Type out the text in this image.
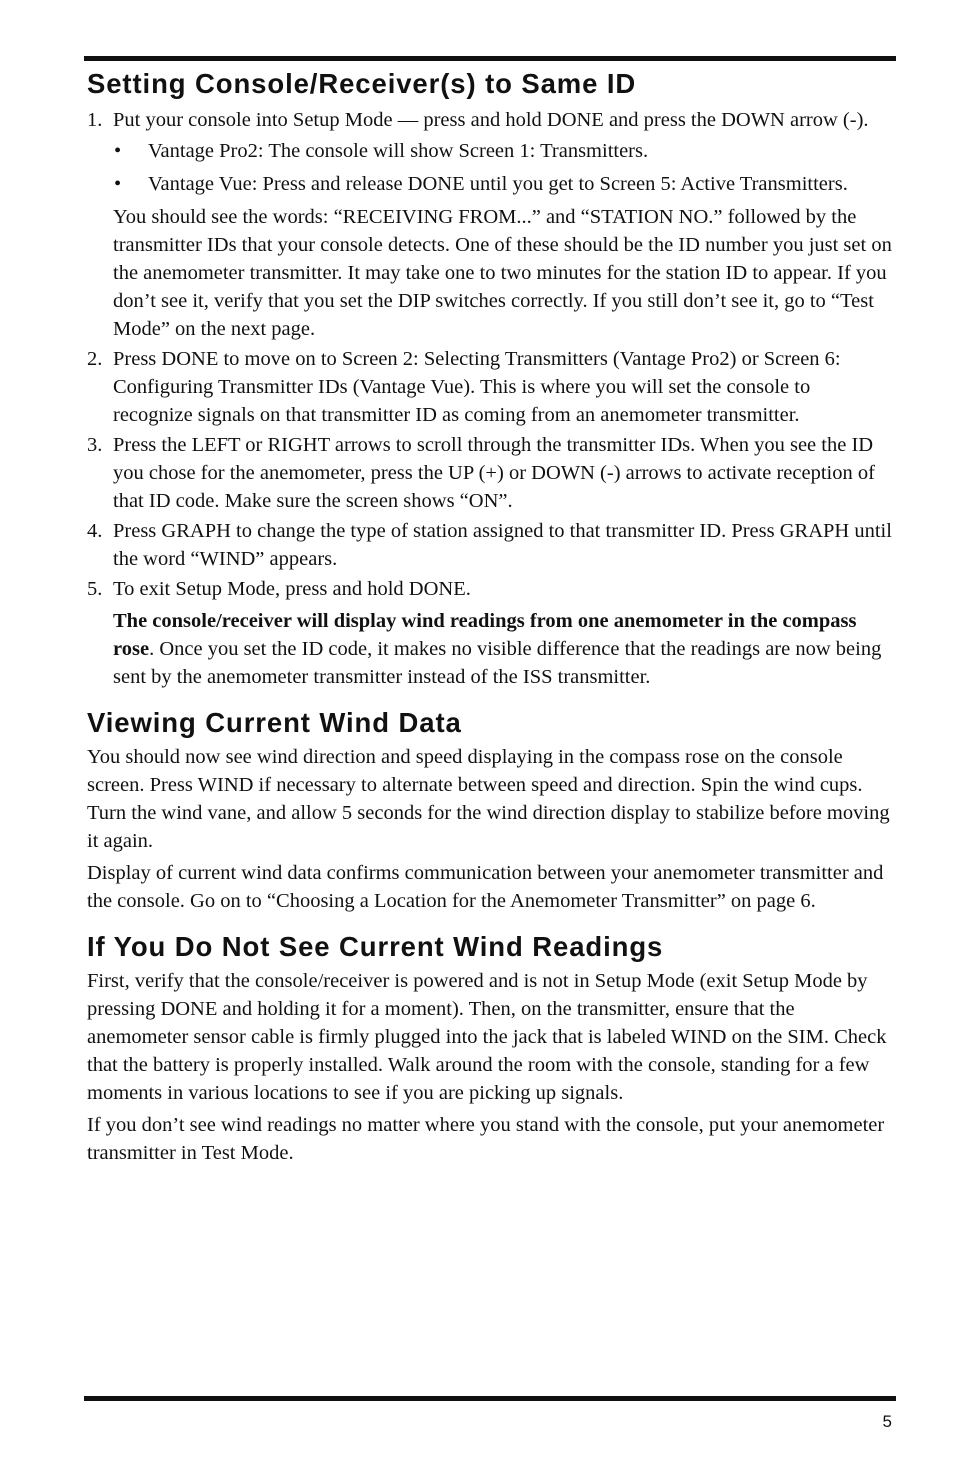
Setting Console/Receiver(s) to Same ID
1. Put your console into Setup Mode — press and hold DONE and press the DOWN arrow (-).
• Vantage Pro2: The console will show Screen 1: Transmitters.
• Vantage Vue: Press and release DONE until you get to Screen 5: Active Transmitters.

You should see the words: “RECEIVING FROM...” and “STATION NO.” followed by the transmitter IDs that your console detects. One of these should be the ID number you just set on the anemometer transmitter. It may take one to two minutes for the station ID to appear. If you don’t see it, verify that you set the DIP switches correctly. If you still don’t see it, go to “Test Mode” on the next page.

2. Press DONE to move on to Screen 2: Selecting Transmitters (Vantage Pro2) or Screen 6: Configuring Transmitter IDs (Vantage Vue). This is where you will set the console to recognize signals on that transmitter ID as coming from an anemometer transmitter.
3. Press the LEFT or RIGHT arrows to scroll through the transmitter IDs. When you see the ID you chose for the anemometer, press the UP (+) or DOWN (-) arrows to activate reception of that ID code. Make sure the screen shows “ON”.
4. Press GRAPH to change the type of station assigned to that transmitter ID. Press GRAPH until the word “WIND” appears.
5. To exit Setup Mode, press and hold DONE.

The console/receiver will display wind readings from one anemometer in the compass rose. Once you set the ID code, it makes no visible difference that the readings are now being sent by the anemometer transmitter instead of the ISS transmitter.

Viewing Current Wind Data

You should now see wind direction and speed displaying in the compass rose on the console screen. Press WIND if necessary to alternate between speed and direction. Spin the wind cups. Turn the wind vane, and allow 5 seconds for the wind direction display to stabilize before moving it again.

Display of current wind data confirms communication between your anemometer transmitter and the console. Go on to “Choosing a Location for the Anemometer Transmitter” on page 6.

If You Do Not See Current Wind Readings

First, verify that the console/receiver is powered and is not in Setup Mode (exit Setup Mode by pressing DONE and holding it for a moment). Then, on the transmitter, ensure that the anemometer sensor cable is firmly plugged into the jack that is labeled WIND on the SIM. Check that the battery is properly installed. Walk around the room with the console, standing for a few moments in various locations to see if you are picking up signals.

If you don’t see wind readings no matter where you stand with the console, put your anemometer transmitter in Test Mode.

5
